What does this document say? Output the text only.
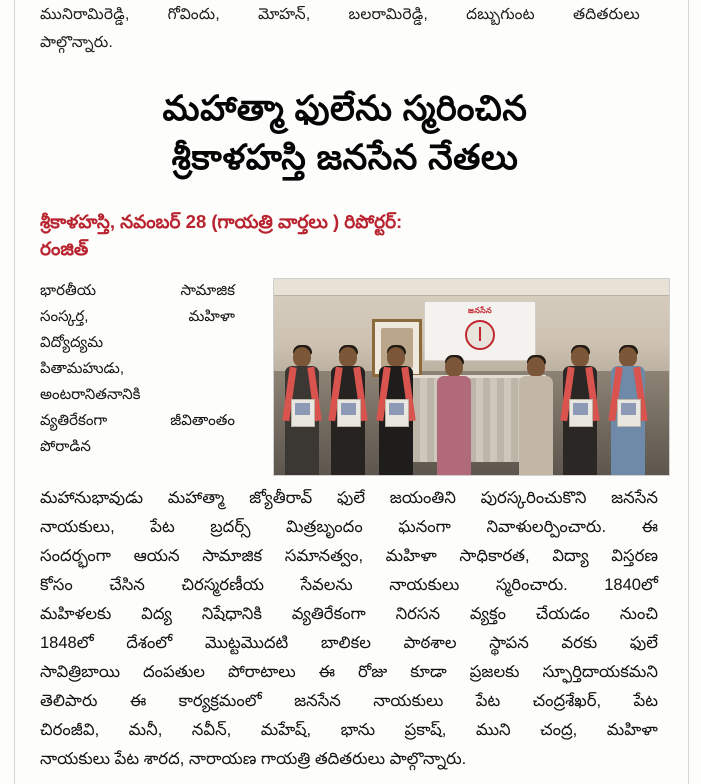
మునిరామిరెడ్డి, గోవిందు, మోహన్, బలరామిరెడ్డి, దబ్బుగుంట తదితరులు
పాల్గొన్నారు.
మహాత్మా ఫులేను స్మరించిన
శ్రీకాళహస్తి జనసేన నేతలు
శ్రీకాళహస్తి, నవంబర్ 28 (గాయత్రి వార్తలు ) రిపోర్టర్:
రంజిత్
భారతీయ	సామాజిక
సంస్కర్త,	మహిళా
విద్యోద్యమ
పితామహుడు,
అంటరానితనానికి
వ్యతిరేకంగా జీవితాంతం
పోరాడిన
జనసేన

మహానుభావుడు మహాత్మా జ్యోతీరావ్ ఫులే జయంతిని పురస్కరించుకొని జనసేన
నాయకులు, పేట బ్రదర్స్ మిత్రబృందం ఘనంగా నివాళులర్పించారు. ఈ
సందర్భంగా ఆయన సామాజిక సమానత్వం, మహిళా సాధికారత, విద్యా విస్తరణ
కోసం చేసిన చిరస్మరణీయ సేవలను నాయకులు స్మరించారు. 1840లో
మహిళలకు విద్య నిషేధానికి వ్యతిరేకంగా నిరసన వ్యక్తం చేయడం నుంచి
1848లో దేశంలో మొట్టమొదటి బాలికల పాఠశాల స్థాపన వరకు ఫులే
సావిత్రిబాయి దంపతుల పోరాటాలు ఈ రోజు కూడా ప్రజలకు స్ఫూర్తిదాయకమని
తెలిపారు ఈ కార్యక్రమంలో జనసేన నాయకులు పేట చంద్రశేఖర్, పేట
చిరంజీవి, మనీ, నవీన్, మహేష్, భాను ప్రకాష్, ముని చంద్ర, మహిళా
నాయకులు పేట శారద, నారాయణ గాయత్రి తదితరులు పాల్గొన్నారు.
